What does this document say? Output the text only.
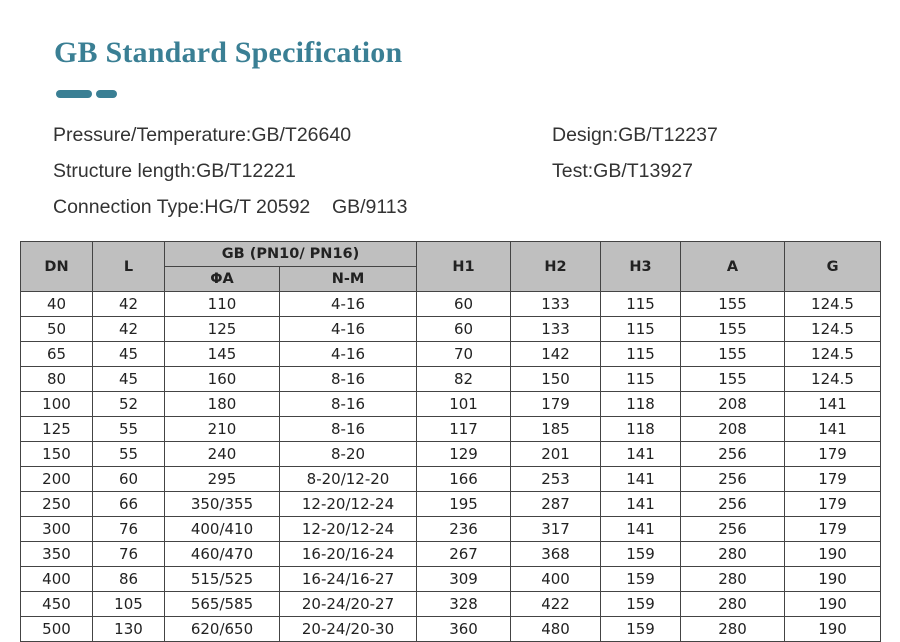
GB Standard Specification
Pressure/Temperature:GB/T26640	Design:GB/T12237
Structure length:GB/T12221	Test:GB/T13927
Connection Type:HG/T 20592    GB/9113
DN	L	GB (PN10/ PN16)		H1	H2	H3	A	G
		ΦA	N-M					
40	42	110	4-16	60	133	115	155	124.5
50	42	125	4-16	60	133	115	155	124.5
65	45	145	4-16	70	142	115	155	124.5
80	45	160	8-16	82	150	115	155	124.5
100	52	180	8-16	101	179	118	208	141
125	55	210	8-16	117	185	118	208	141
150	55	240	8-20	129	201	141	256	179
200	60	295	8-20/12-20	166	253	141	256	179
250	66	350/355	12-20/12-24	195	287	141	256	179
300	76	400/410	12-20/12-24	236	317	141	256	179
350	76	460/470	16-20/16-24	267	368	159	280	190
400	86	515/525	16-24/16-27	309	400	159	280	190
450	105	565/585	20-24/20-27	328	422	159	280	190
500	130	620/650	20-24/20-30	360	480	159	280	190
